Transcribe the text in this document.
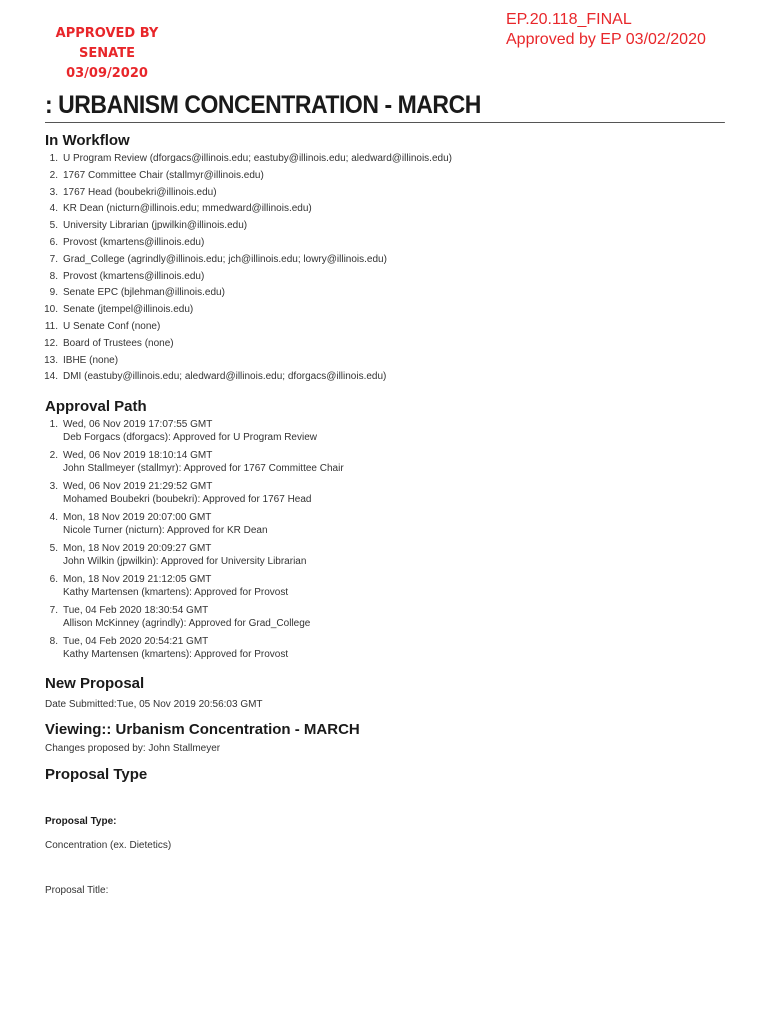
APPROVED BY SENATE
03/09/2020
EP.20.118_FINAL
Approved by EP 03/02/2020
: URBANISM CONCENTRATION - MARCH
In Workflow
1. U Program Review (dforgacs@illinois.edu; eastuby@illinois.edu; aledward@illinois.edu)
2. 1767 Committee Chair (stallmyr@illinois.edu)
3. 1767 Head (boubekri@illinois.edu)
4. KR Dean (nicturn@illinois.edu; mmedward@illinois.edu)
5. University Librarian (jpwilkin@illinois.edu)
6. Provost (kmartens@illinois.edu)
7. Grad_College (agrindly@illinois.edu; jch@illinois.edu; lowry@illinois.edu)
8. Provost (kmartens@illinois.edu)
9. Senate EPC (bjlehman@illinois.edu)
10. Senate (jtempel@illinois.edu)
11. U Senate Conf (none)
12. Board of Trustees (none)
13. IBHE (none)
14. DMI (eastuby@illinois.edu; aledward@illinois.edu; dforgacs@illinois.edu)
Approval Path
1. Wed, 06 Nov 2019 17:07:55 GMT
Deb Forgacs (dforgacs): Approved for U Program Review
2. Wed, 06 Nov 2019 18:10:14 GMT
John Stallmeyer (stallmyr): Approved for 1767 Committee Chair
3. Wed, 06 Nov 2019 21:29:52 GMT
Mohamed Boubekri (boubekri): Approved for 1767 Head
4. Mon, 18 Nov 2019 20:07:00 GMT
Nicole Turner (nicturn): Approved for KR Dean
5. Mon, 18 Nov 2019 20:09:27 GMT
John Wilkin (jpwilkin): Approved for University Librarian
6. Mon, 18 Nov 2019 21:12:05 GMT
Kathy Martensen (kmartens): Approved for Provost
7. Tue, 04 Feb 2020 18:30:54 GMT
Allison McKinney (agrindly): Approved for Grad_College
8. Tue, 04 Feb 2020 20:54:21 GMT
Kathy Martensen (kmartens): Approved for Provost
New Proposal

Date Submitted:Tue, 05 Nov 2019 20:56:03 GMT

Viewing:: Urbanism Concentration - MARCH

Changes proposed by: John Stallmeyer

Proposal Type

Proposal Type:

Concentration (ex. Dietetics)

Proposal Title:
